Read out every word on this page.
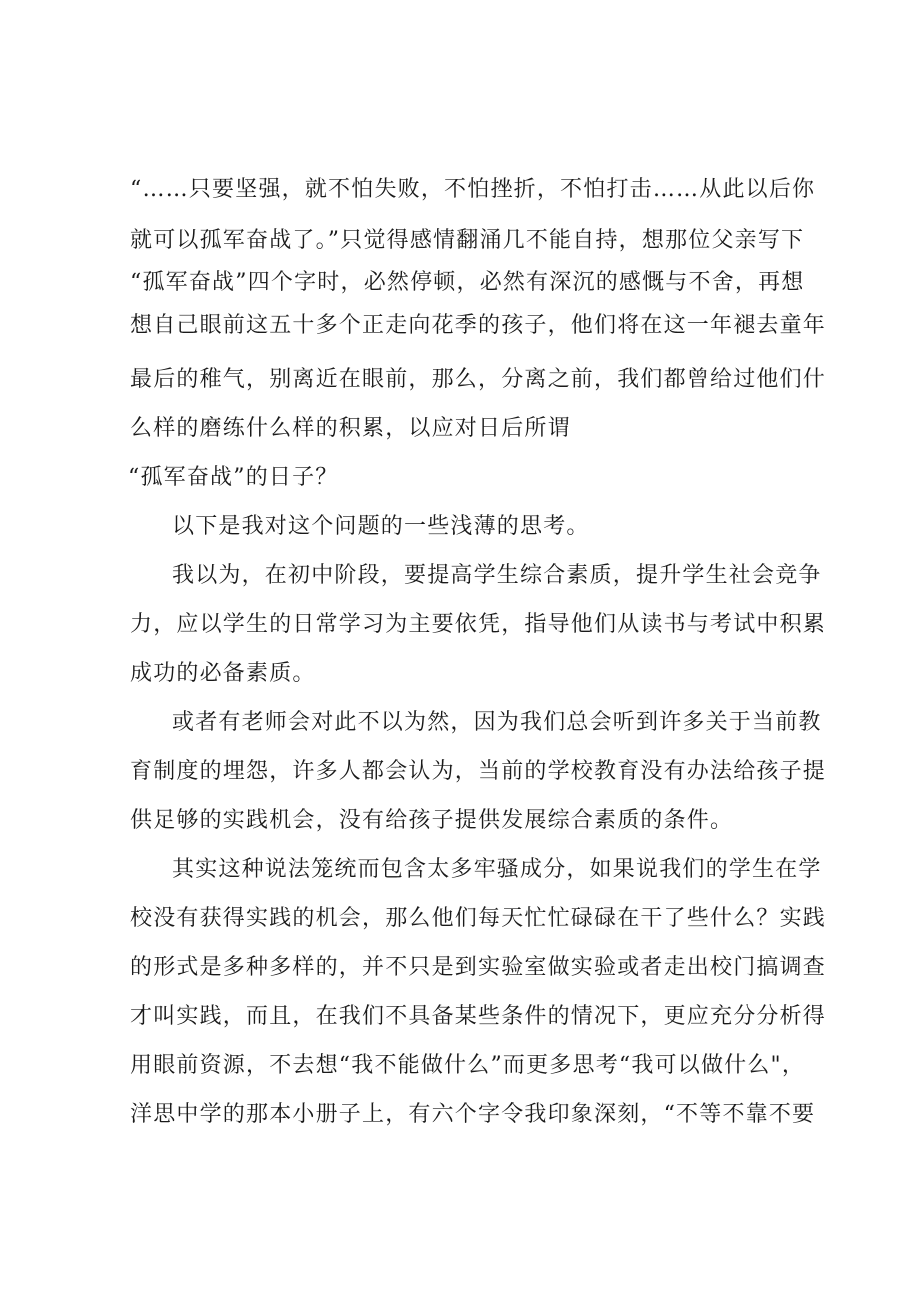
“……只要坚强，就不怕失败，不怕挫折，不怕打击……从此以后你
就可以孤军奋战了。”只觉得感情翻涌几不能自持，想那位父亲写下
“孤军奋战”四个字时，必然停顿，必然有深沉的感慨与不舍，再想
想自己眼前这五十多个正走向花季的孩子，他们将在这一年褪去童年
最后的稚气，别离近在眼前，那么，分离之前，我们都曾给过他们什
么样的磨练什么样的积累，以应对日后所谓
“孤军奋战”的日子？
以下是我对这个问题的一些浅薄的思考。
我以为，在初中阶段，要提高学生综合素质，提升学生社会竞争
力，应以学生的日常学习为主要依凭，指导他们从读书与考试中积累
成功的必备素质。
或者有老师会对此不以为然，因为我们总会听到许多关于当前教
育制度的埋怨，许多人都会认为，当前的学校教育没有办法给孩子提
供足够的实践机会，没有给孩子提供发展综合素质的条件。
其实这种说法笼统而包含太多牢骚成分，如果说我们的学生在学
校没有获得实践的机会，那么他们每天忙忙碌碌在干了些什么？实践
的形式是多种多样的，并不只是到实验室做实验或者走出校门搞调查
才叫实践，而且，在我们不具备某些条件的情况下，更应充分分析得
用眼前资源，不去想“我不能做什么”而更多思考“我可以做什么"，
洋思中学的那本小册子上，有六个字令我印象深刻，“不等不靠不要
